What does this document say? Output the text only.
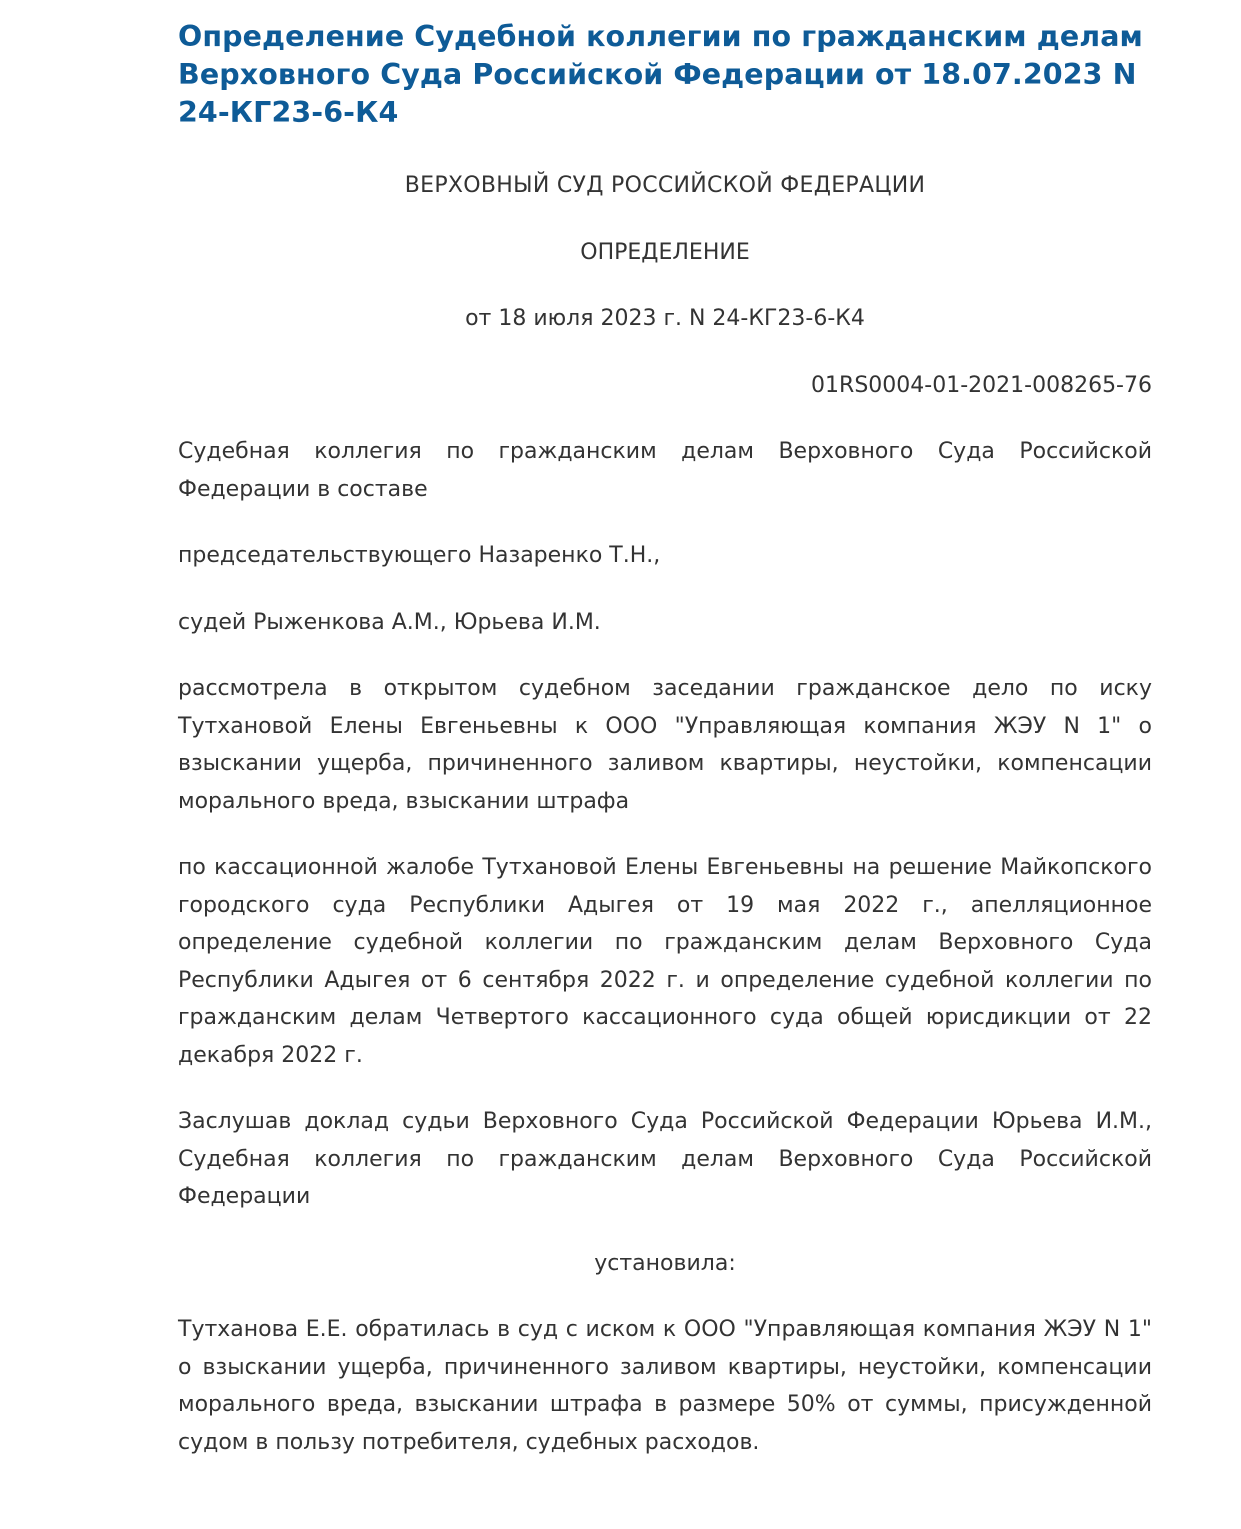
Определение Судебной коллегии по гражданским делам Верховного Суда Российской Федерации от 18.07.2023 N 24-КГ23-6-К4

ВЕРХОВНЫЙ СУД РОССИЙСКОЙ ФЕДЕРАЦИИ

ОПРЕДЕЛЕНИЕ

от 18 июля 2023 г. N 24-КГ23-6-К4

01RS0004-01-2021-008265-76

Судебная коллегия по гражданским делам Верховного Суда Российской Федерации в составе

председательствующего Назаренко Т.Н.,

судей Рыженкова А.М., Юрьева И.М.

рассмотрела в открытом судебном заседании гражданское дело по иску Тутхановой Елены Евгеньевны к ООО "Управляющая компания ЖЭУ N 1" о взыскании ущерба, причиненного заливом квартиры, неустойки, компенсации морального вреда, взыскании штрафа

по кассационной жалобе Тутхановой Елены Евгеньевны на решение Майкопского городского суда Республики Адыгея от 19 мая 2022 г., апелляционное определение судебной коллегии по гражданским делам Верховного Суда Республики Адыгея от 6 сентября 2022 г. и определение судебной коллегии по гражданским делам Четвертого кассационного суда общей юрисдикции от 22 декабря 2022 г.

Заслушав доклад судьи Верховного Суда Российской Федерации Юрьева И.М., Судебная коллегия по гражданским делам Верховного Суда Российской Федерации

установила:

Тутханова Е.Е. обратилась в суд с иском к ООО "Управляющая компания ЖЭУ N 1" о взыскании ущерба, причиненного заливом квартиры, неустойки, компенсации морального вреда, взыскании штрафа в размере 50% от суммы, присужденной судом в пользу потребителя, судебных расходов.
